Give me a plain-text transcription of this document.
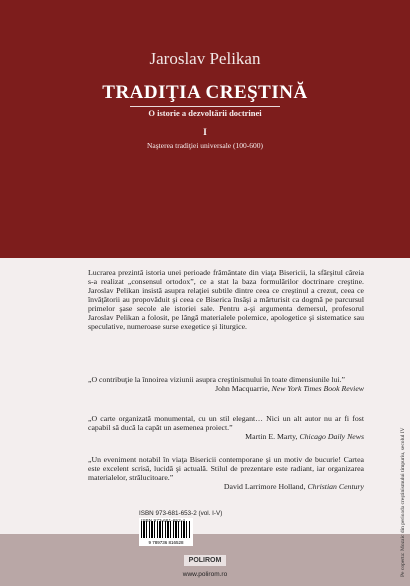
Jaroslav Pelikan
TRADIŢIA CREŞTINĂ
O istorie a dezvoltării doctrinei
I
Naşterea tradiţiei universale (100-600)
Lucrarea prezintă istoria unei perioade frământate din viaţa Bisericii, la sfârşitul căreia s-a realizat „consensul ortodox”, ce a stat la baza formulărilor doctrinare creştine. Jaroslav Pelikan insistă asupra relaţiei subtile dintre ceea ce creştinul a crezut, ceea ce învăţătorii au propovăduit şi ceea ce Biserica însăşi a mărturisit ca dogmă pe parcursul primelor şase secole ale istoriei sale. Pentru a-şi argumenta demersul, profesorul Jaroslav Pelikan a folosit, pe lângă materialele polemice, apologetice şi sistematice sau speculative, numeroase surse exegetice şi liturgice.
„O contribuţie la înnoirea viziunii asupra creştinismului în toate dimensiunile lui.”
John Macquarrie, New York Times Book Review
„O carte organizată monumental, cu un stil elegant… Nici un alt autor nu ar fi fost capabil să ducă la capăt un asemenea proiect.”
Martin E. Marty, Chicago Daily News
„Un eveniment notabil în viaţa Bisericii contemporane şi un motiv de bucurie! Cartea este excelent scrisă, lucidă şi actuală. Stilul de prezentare este radiant, iar organizarea materialelor, strălucitoare.”
David Larrimore Holland, Christian Century
ISBN 973-681-653-2 (vol. I-V)
9 789736 816528
ISBN 973-681-652-4
POLIROM
www.polirom.ro	Pe coperta: Mozaic din perioada creştinismului timpuriu, secolul IV
